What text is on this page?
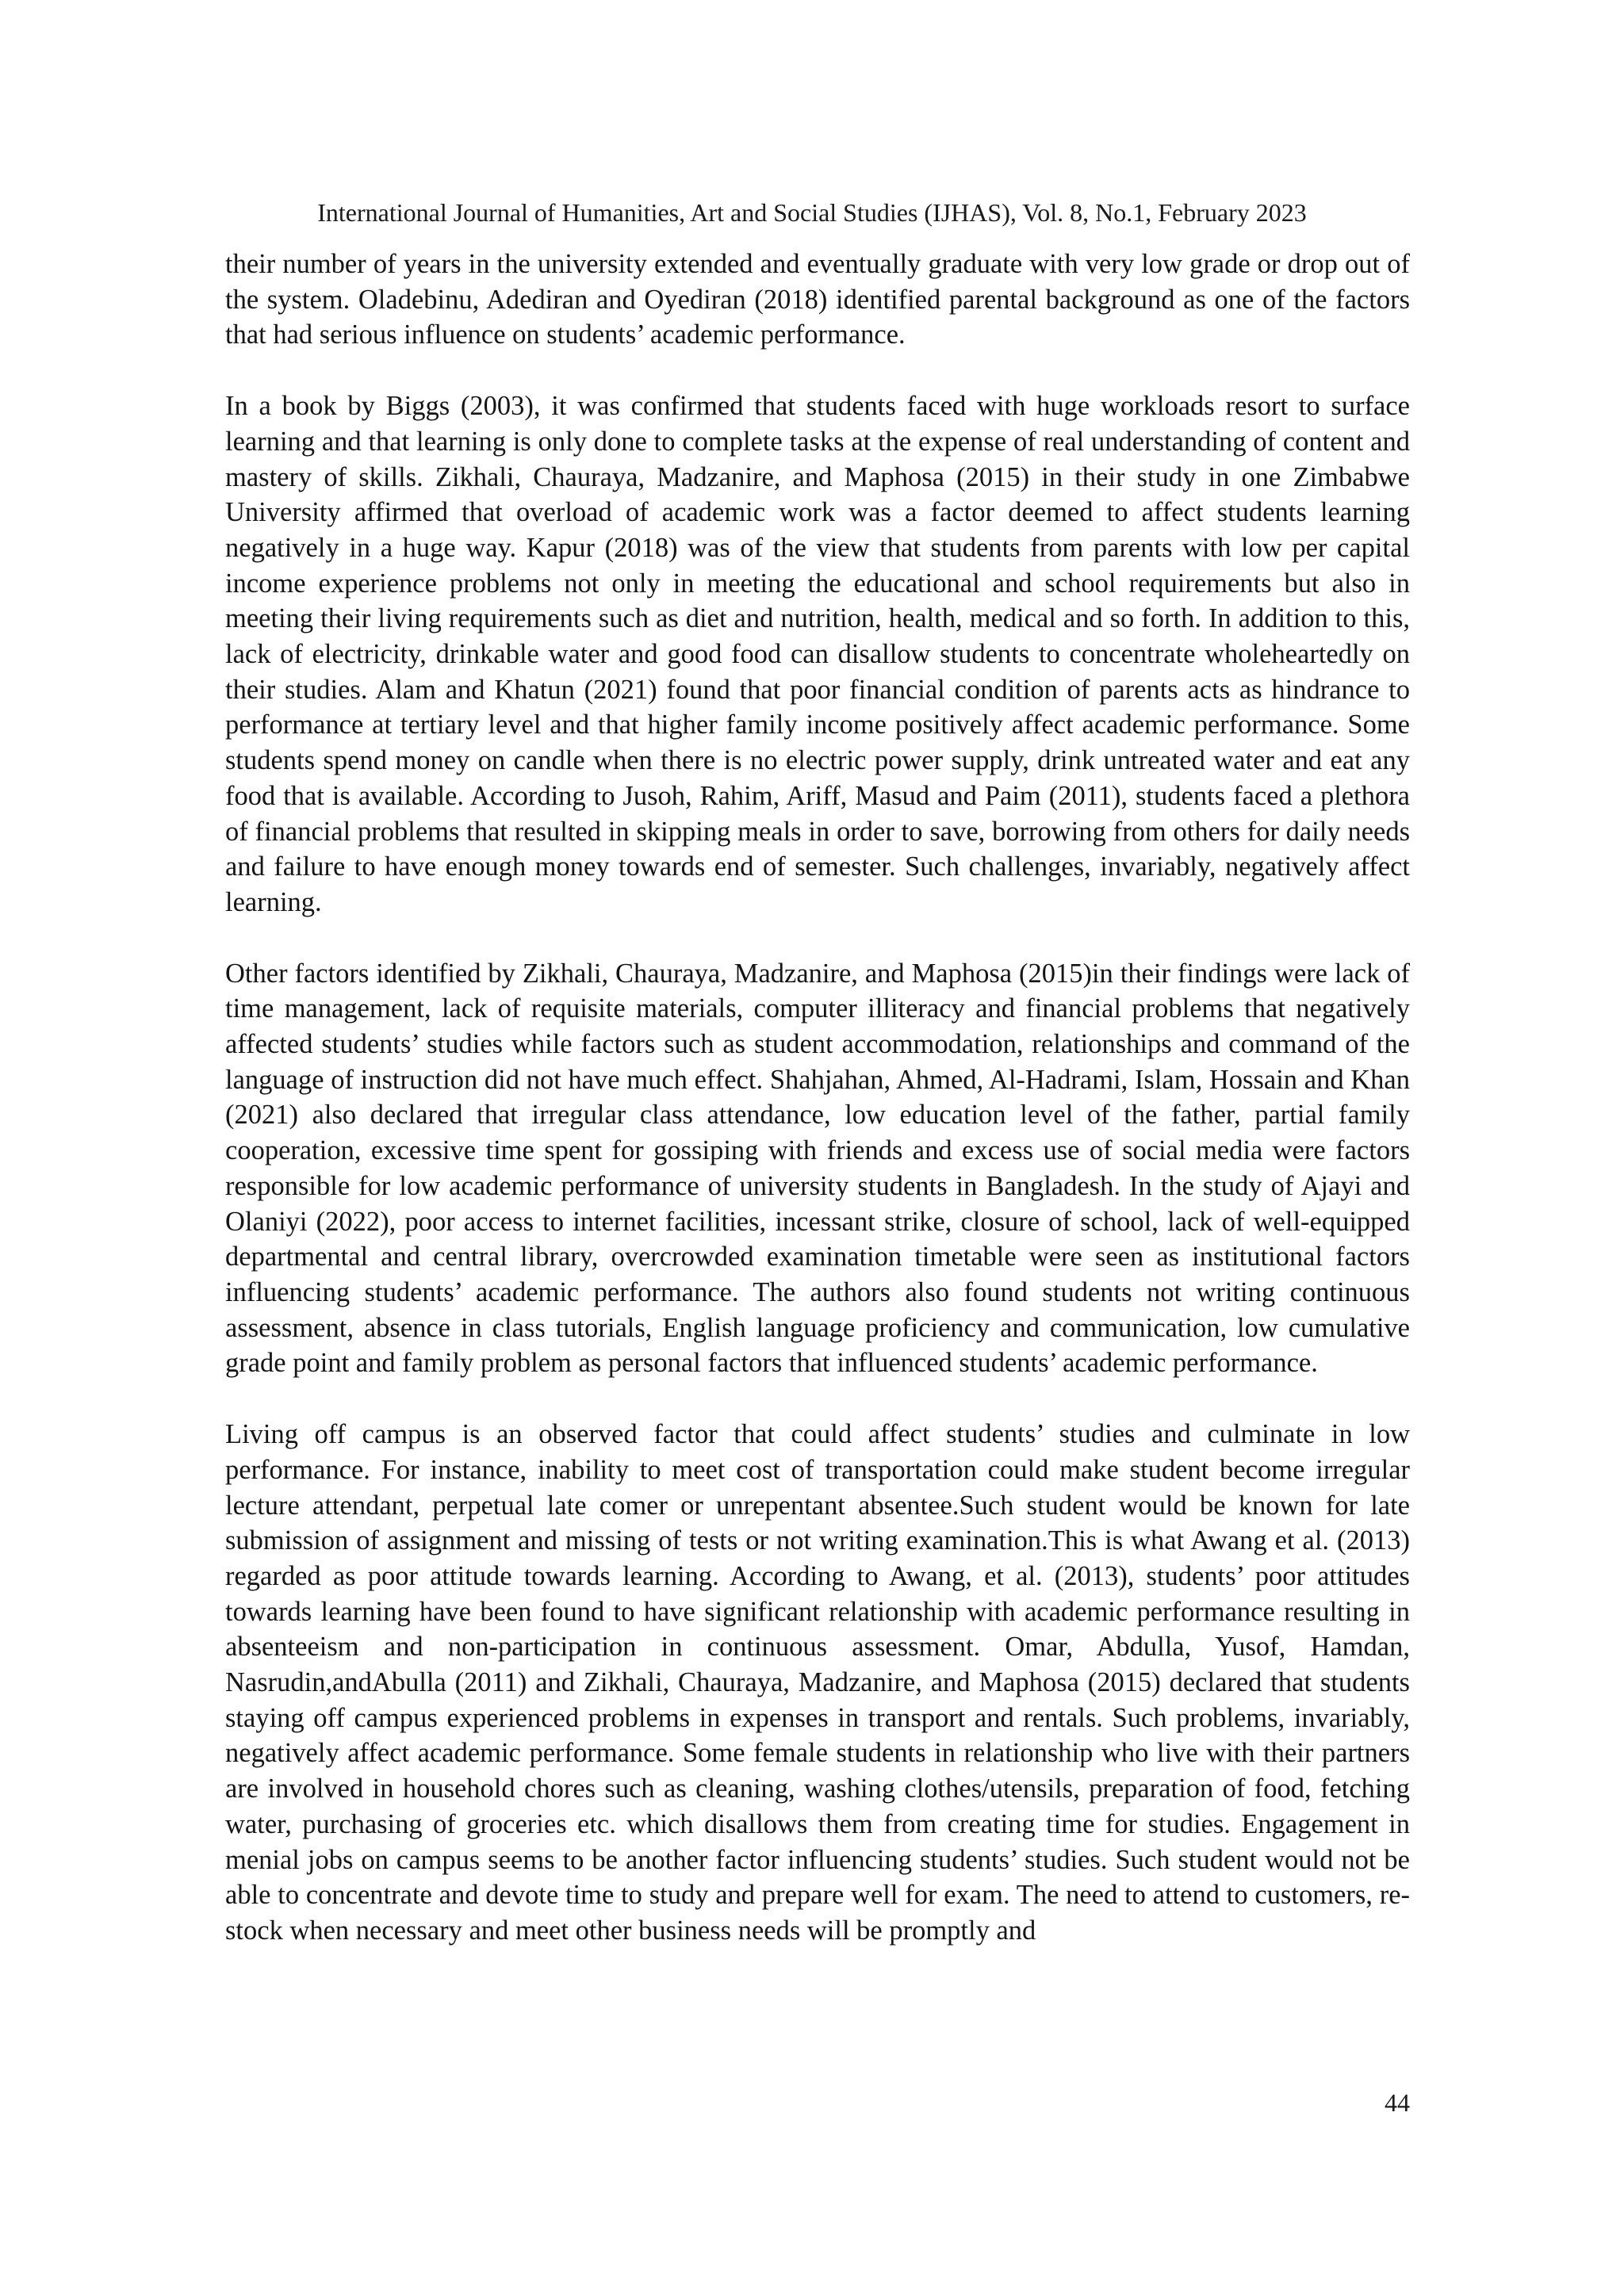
International Journal of Humanities, Art and Social Studies (IJHAS), Vol. 8, No.1, February 2023

their number of years in the university extended and eventually graduate with very low grade or drop out of the system. Oladebinu, Adediran and Oyediran (2018) identified parental background as one of the factors that had serious influence on students’ academic performance.

In a book by Biggs (2003), it was confirmed that students faced with huge workloads resort to surface learning and that learning is only done to complete tasks at the expense of real understanding of content and mastery of skills. Zikhali, Chauraya, Madzanire, and Maphosa (2015) in their study in one Zimbabwe University affirmed that overload of academic work was a factor deemed to affect students learning negatively in a huge way. Kapur (2018) was of the view that students from parents with low per capital income experience problems not only in meeting the educational and school requirements but also in meeting their living requirements such as diet and nutrition, health, medical and so forth. In addition to this, lack of electricity, drinkable water and good food can disallow students to concentrate wholeheartedly on their studies. Alam and Khatun (2021) found that poor financial condition of parents acts as hindrance to performance at tertiary level and that higher family income positively affect academic performance. Some students spend money on candle when there is no electric power supply, drink untreated water and eat any food that is available. According to Jusoh, Rahim, Ariff, Masud and Paim (2011), students faced a plethora of financial problems that resulted in skipping meals in order to save, borrowing from others for daily needs and failure to have enough money towards end of semester. Such challenges, invariably, negatively affect learning.

Other factors identified by Zikhali, Chauraya, Madzanire, and Maphosa (2015)in their findings were lack of time management, lack of requisite materials, computer illiteracy and financial problems that negatively affected students’ studies while factors such as student accommodation, relationships and command of the language of instruction did not have much effect. Shahjahan, Ahmed, Al-Hadrami, Islam, Hossain and Khan (2021) also declared that irregular class attendance, low education level of the father, partial family cooperation, excessive time spent for gossiping with friends and excess use of social media were factors responsible for low academic performance of university students in Bangladesh. In the study of Ajayi and Olaniyi (2022), poor access to internet facilities, incessant strike, closure of school, lack of well-equipped departmental and central library, overcrowded examination timetable were seen as institutional factors influencing students’ academic performance. The authors also found students not writing continuous assessment, absence in class tutorials, English language proficiency and communication, low cumulative grade point and family problem as personal factors that influenced students’ academic performance.

Living off campus is an observed factor that could affect students’ studies and culminate in low performance. For instance, inability to meet cost of transportation could make student become irregular lecture attendant, perpetual late comer or unrepentant absentee.Such student would be known for late submission of assignment and missing of tests or not writing examination.This is what Awang et al. (2013) regarded as poor attitude towards learning. According to Awang, et al. (2013), students’ poor attitudes towards learning have been found to have significant relationship with academic performance resulting in absenteeism and non-participation in continuous assessment. Omar, Abdulla, Yusof, Hamdan, Nasrudin,andAbulla (2011) and Zikhali, Chauraya, Madzanire, and Maphosa (2015) declared that students staying off campus experienced problems in expenses in transport and rentals. Such problems, invariably, negatively affect academic performance. Some female students in relationship who live with their partners are involved in household chores such as cleaning, washing clothes/utensils, preparation of food, fetching water, purchasing of groceries etc. which disallows them from creating time for studies. Engagement in menial jobs on campus seems to be another factor influencing students’ studies. Such student would not be able to concentrate and devote time to study and prepare well for exam. The need to attend to customers, re-stock when necessary and meet other business needs will be promptly and

44
